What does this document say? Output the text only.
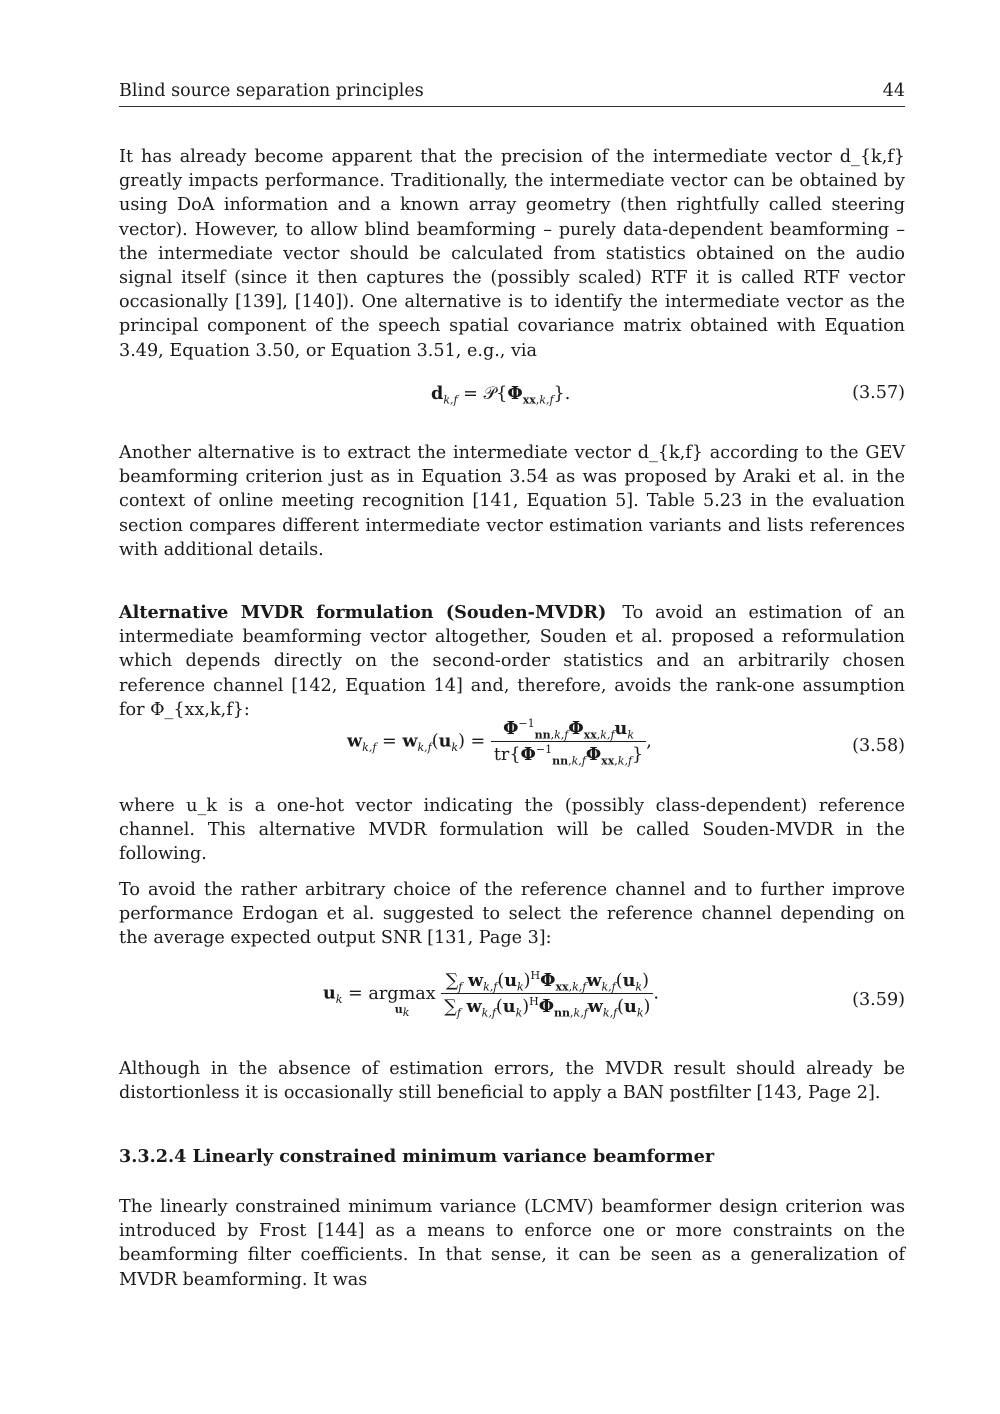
Blind source separation principles	44
It has already become apparent that the precision of the intermediate vector d_{k,f} greatly impacts performance. Traditionally, the intermediate vector can be obtained by using DoA information and a known array geometry (then rightfully called steering vector). However, to allow blind beamforming – purely data-dependent beamforming – the intermediate vector should be calculated from statistics obtained on the audio signal itself (since it then captures the (possibly scaled) RTF it is called RTF vector occasionally [139], [140]). One alternative is to identify the intermediate vector as the principal component of the speech spatial covariance matrix obtained with Equation 3.49, Equation 3.50, or Equation 3.51, e.g., via
$d_{k,f}$ = $𝒫\{\Phi_{xx,k,f}\}$.	(3.57)
Another alternative is to extract the intermediate vector d_{k,f} according to the GEV beamforming criterion just as in Equation 3.54 as was proposed by Araki et al. in the context of online meeting recognition [141, Equation 5]. Table 5.23 in the evaluation section compares different intermediate vector estimation variants and lists references with additional details.
Alternative MVDR formulation (Souden-MVDR) To avoid an estimation of an intermediate beamforming vector altogether, Souden et al. proposed a reformulation which depends directly on the second-order statistics and an arbitrarily chosen reference channel [142, Equation 14] and, therefore, avoids the rank-one assumption for Φ_{xx,k,f}:
$w_{k,f} = w_{k,f}(u_k) = \frac{\Phi^{-1}_{nn,k,f}\Phi_{xx,k,f}u_k}{tr\{\Phi^{-1}_{nn,k,f}\Phi_{xx,k,f}\}}$ ,	(3.58)
where u_k is a one-hot vector indicating the (possibly class-dependent) reference channel. This alternative MVDR formulation will be called Souden-MVDR in the following.
To avoid the rather arbitrary choice of the reference channel and to further improve performance Erdogan et al. suggested to select the reference channel depending on the average expected output SNR [131, Page 3]:
$u_k = argmax$
$u_k$
	$\frac{\sum_f w_{k,f}(u_k)^H\Phi_{xx,k,f}w_{k,f}(u_k)}{\sum_f w_{k,f}(u_k)^H\Phi_{nn,k,f}w_{k,f}(u_k)}$ .	(3.59)
Although in the absence of estimation errors, the MVDR result should already be distortionless it is occasionally still beneficial to apply a BAN postfilter [143, Page 2].
3.3.2.4 Linearly constrained minimum variance beamformer
The linearly constrained minimum variance (LCMV) beamformer design criterion was introduced by Frost [144] as a means to enforce one or more constraints on the beamforming filter coefficients. In that sense, it can be seen as a generalization of MVDR beamforming. It was
